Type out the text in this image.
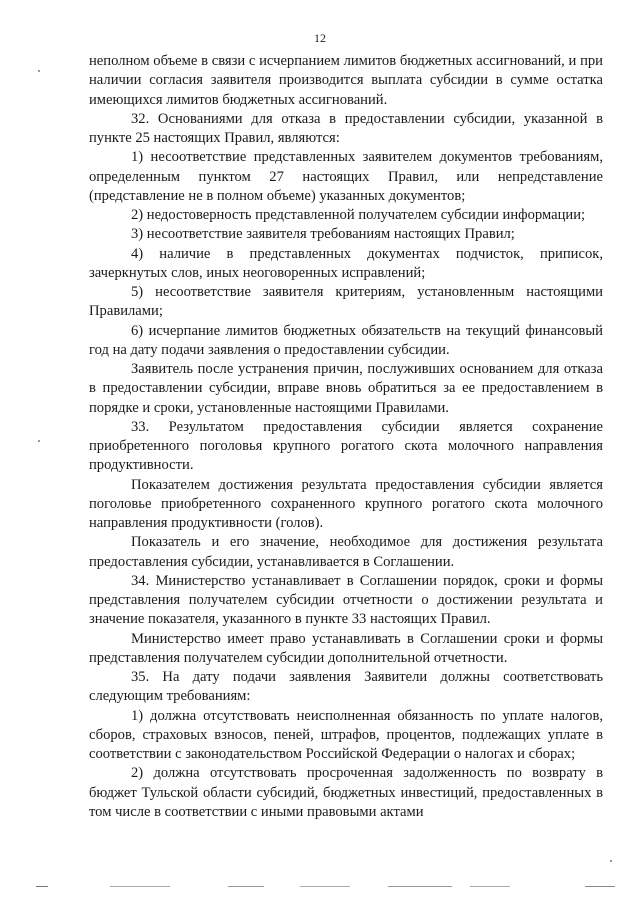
12

неполном объеме в связи с исчерпанием лимитов бюджетных ассигнований, и при наличии согласия заявителя производится выплата субсидии в сумме остатка имеющихся лимитов бюджетных ассигнований.

32. Основаниями для отказа в предоставлении субсидии, указанной в пункте 25 настоящих Правил, являются:

1) несоответствие представленных заявителем документов требованиям, определенным пунктом 27 настоящих Правил, или непредставление (представление не в полном объеме) указанных документов;

2) недостоверность представленной получателем субсидии информации;

3) несоответствие заявителя требованиям настоящих Правил;

4) наличие в представленных документах подчисток, приписок, зачеркнутых слов, иных неоговоренных исправлений;

5) несоответствие заявителя критериям, установленным настоящими Правилами;

6) исчерпание лимитов бюджетных обязательств на текущий финансовый год на дату подачи заявления о предоставлении субсидии.

Заявитель после устранения причин, послуживших основанием для отказа в предоставлении субсидии, вправе вновь обратиться за ее предоставлением в порядке и сроки, установленные настоящими Правилами.

33. Результатом предоставления субсидии является сохранение приобретенного поголовья крупного рогатого скота молочного направления продуктивности.

Показателем достижения результата предоставления субсидии является поголовье приобретенного сохраненного крупного рогатого скота молочного направления продуктивности (голов).

Показатель и его значение, необходимое для достижения результата предоставления субсидии, устанавливается в Соглашении.

34. Министерство устанавливает в Соглашении порядок, сроки и формы представления получателем субсидии отчетности о достижении результата и значение показателя, указанного в пункте 33 настоящих Правил.

Министерство имеет право устанавливать в Соглашении сроки и формы представления получателем субсидии дополнительной отчетности.

35. На дату подачи заявления Заявители должны соответствовать следующим требованиям:

1) должна отсутствовать неисполненная обязанность по уплате налогов, сборов, страховых взносов, пеней, штрафов, процентов, подлежащих уплате в соответствии с законодательством Российской Федерации о налогах и сборах;

2) должна отсутствовать просроченная задолженность по возврату в бюджет Тульской области субсидий, бюджетных инвестиций, предоставленных в том числе в соответствии с иными правовыми актами
